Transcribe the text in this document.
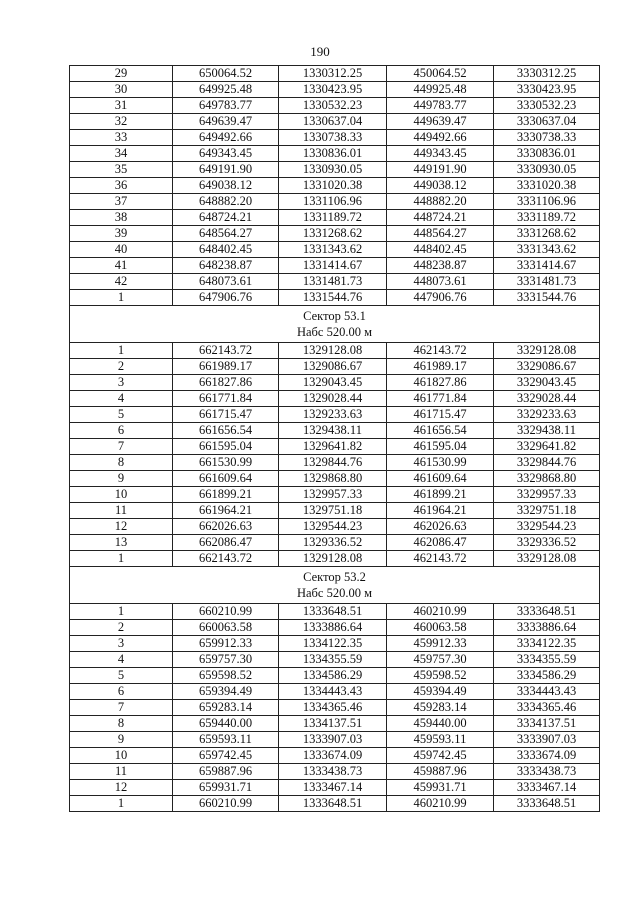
190
29	650064.52	1330312.25	450064.52	3330312.25
30	649925.48	1330423.95	449925.48	3330423.95
31	649783.77	1330532.23	449783.77	3330532.23
32	649639.47	1330637.04	449639.47	3330637.04
33	649492.66	1330738.33	449492.66	3330738.33
34	649343.45	1330836.01	449343.45	3330836.01
35	649191.90	1330930.05	449191.90	3330930.05
36	649038.12	1331020.38	449038.12	3331020.38
37	648882.20	1331106.96	448882.20	3331106.96
38	648724.21	1331189.72	448724.21	3331189.72
39	648564.27	1331268.62	448564.27	3331268.62
40	648402.45	1331343.62	448402.45	3331343.62
41	648238.87	1331414.67	448238.87	3331414.67
42	648073.61	1331481.73	448073.61	3331481.73
1	647906.76	1331544.76	447906.76	3331544.76

Сектор 53.1
Набс 520.00 м				

1	662143.72	1329128.08	462143.72	3329128.08
2	661989.17	1329086.67	461989.17	3329086.67
3	661827.86	1329043.45	461827.86	3329043.45
4	661771.84	1329028.44	461771.84	3329028.44
5	661715.47	1329233.63	461715.47	3329233.63
6	661656.54	1329438.11	461656.54	3329438.11
7	661595.04	1329641.82	461595.04	3329641.82
8	661530.99	1329844.76	461530.99	3329844.76
9	661609.64	1329868.80	461609.64	3329868.80
10	661899.21	1329957.33	461899.21	3329957.33
11	661964.21	1329751.18	461964.21	3329751.18
12	662026.63	1329544.23	462026.63	3329544.23
13	662086.47	1329336.52	462086.47	3329336.52
1	662143.72	1329128.08	462143.72	3329128.08

Сектор 53.2
Набс 520.00 м				

1	660210.99	1333648.51	460210.99	3333648.51
2	660063.58	1333886.64	460063.58	3333886.64
3	659912.33	1334122.35	459912.33	3334122.35
4	659757.30	1334355.59	459757.30	3334355.59
5	659598.52	1334586.29	459598.52	3334586.29
6	659394.49	1334443.43	459394.49	3334443.43
7	659283.14	1334365.46	459283.14	3334365.46
8	659440.00	1334137.51	459440.00	3334137.51
9	659593.11	1333907.03	459593.11	3333907.03
10	659742.45	1333674.09	459742.45	3333674.09
11	659887.96	1333438.73	459887.96	3333438.73
12	659931.71	1333467.14	459931.71	3333467.14
1	660210.99	1333648.51	460210.99	3333648.51
